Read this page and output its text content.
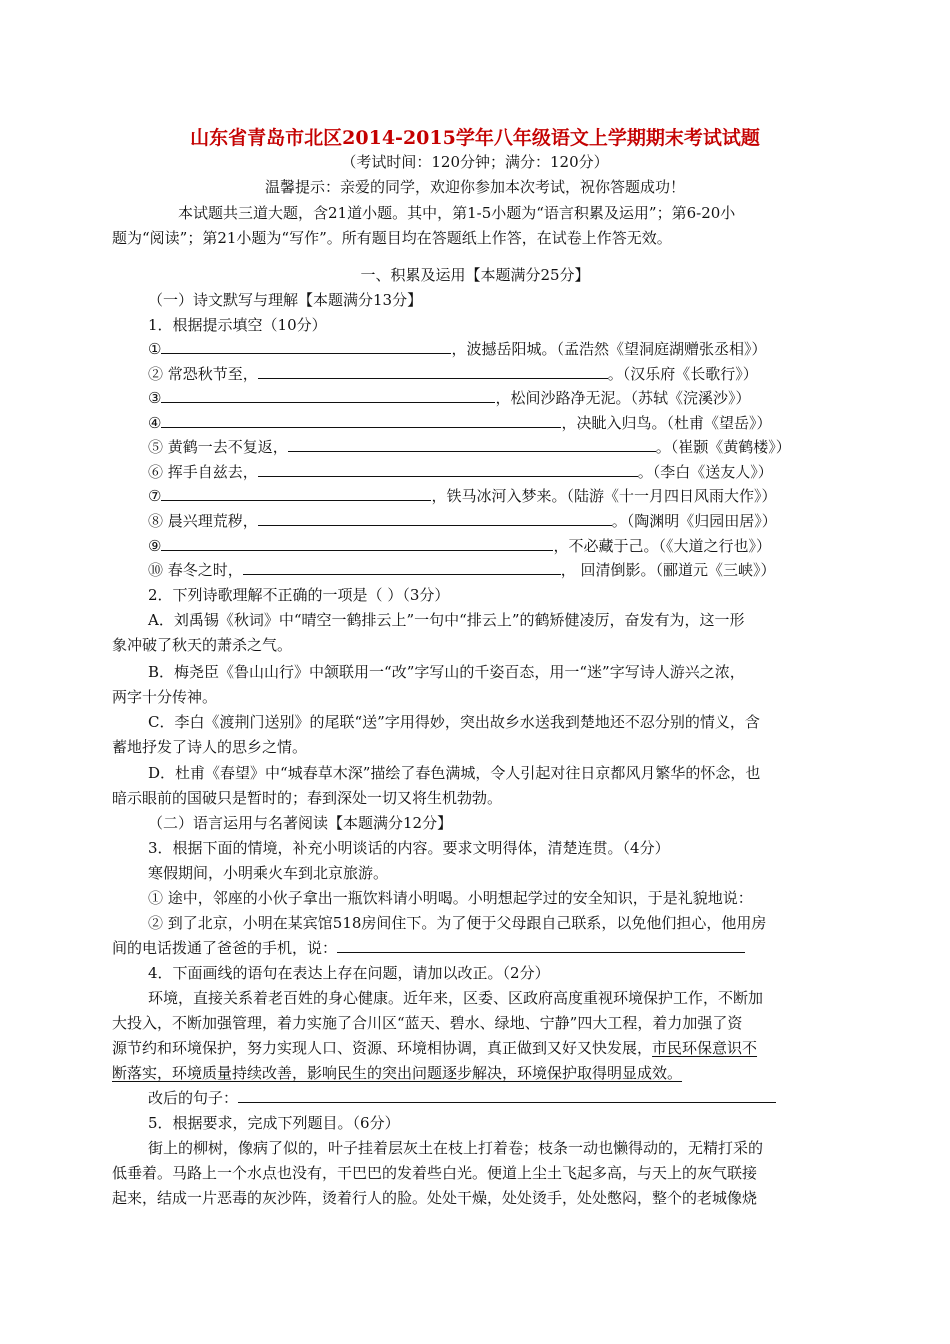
山东省青岛市北区2014-2015学年八年级语文上学期期末考试试题
（考试时间：120分钟；满分：120分）
温馨提示：亲爱的同学，欢迎你参加本次考试，祝你答题成功！
本试题共三道大题，含21道小题。其中，第1-5小题为“语言积累及运用”；第6-20小
题为“阅读”；第21小题为“写作”。所有题目均在答题纸上作答，在试卷上作答无效。
一、积累及运用【本题满分25分】
（一）诗文默写与理解【本题满分13分】
1．根据提示填空（10分）
①	，波撼岳阳城。（孟浩然《望洞庭湖赠张丞相》）
② 常恐秋节至，	。（汉乐府《长歌行》）
③	，松间沙路净无泥。（苏轼《浣溪沙》）
④	，决眦入归鸟。（杜甫《望岳》）
⑤ 黄鹤一去不复返，	。（崔颢《黄鹤楼》）
⑥ 挥手自兹去，	。（李白《送友人》）
⑦	，铁马冰河入梦来。（陆游《十一月四日风雨大作》）
⑧ 晨兴理荒秽，	。（陶渊明《归园田居》）
⑨	，不必藏于己。（《大道之行也》）
⑩ 春冬之时，	， 回清倒影。（郦道元《三峡》）
2．下列诗歌理解不正确的一项是（ ）（3分）
A．刘禹锡《秋词》中“晴空一鹤排云上”一句中“排云上”的鹤矫健凌厉，奋发有为，这一形
象冲破了秋天的萧杀之气。
B．梅尧臣《鲁山山行》中颔联用一“改”字写山的千姿百态，用一“迷”字写诗人游兴之浓，
两字十分传神。
C．李白《渡荆门送别》的尾联“送”字用得妙，突出故乡水送我到楚地还不忍分别的情义，含
蓄地抒发了诗人的思乡之情。
D．杜甫《春望》中“城春草木深”描绘了春色满城，令人引起对往日京都风月繁华的怀念，也
暗示眼前的国破只是暂时的；春到深处一切又将生机勃勃。
（二）语言运用与名著阅读【本题满分12分】
3．根据下面的情境，补充小明谈话的内容。要求文明得体，清楚连贯。（4分）
寒假期间，小明乘火车到北京旅游。
① 途中，邻座的小伙子拿出一瓶饮料请小明喝。小明想起学过的安全知识，于是礼貌地说：
② 到了北京，小明在某宾馆518房间住下。为了便于父母跟自己联系，以免他们担心，他用房
间的电话拨通了爸爸的手机，说：
4．下面画线的语句在表达上存在问题，请加以改正。（2分）
环境，直接关系着老百姓的身心健康。近年来，区委、区政府高度重视环境保护工作，不断加
大投入，不断加强管理，着力实施了合川区“蓝天、碧水、绿地、宁静”四大工程，着力加强了资
源节约和环境保护，努力实现人口、资源、环境相协调，真正做到又好又快发展，市民环保意识不
断落实，环境质量持续改善，影响民生的突出问题逐步解决，环境保护取得明显成效。
改后的句子：
5．根据要求，完成下列题目。（6分）
街上的柳树，像病了似的，叶子挂着层灰土在枝上打着卷；枝条一动也懒得动的，无精打采的
低垂着。马路上一个水点也没有，干巴巴的发着些白光。便道上尘土飞起多高，与天上的灰气联接
起来，结成一片恶毒的灰沙阵，烫着行人的脸。处处干燥，处处烫手，处处憋闷，整个的老城像烧
